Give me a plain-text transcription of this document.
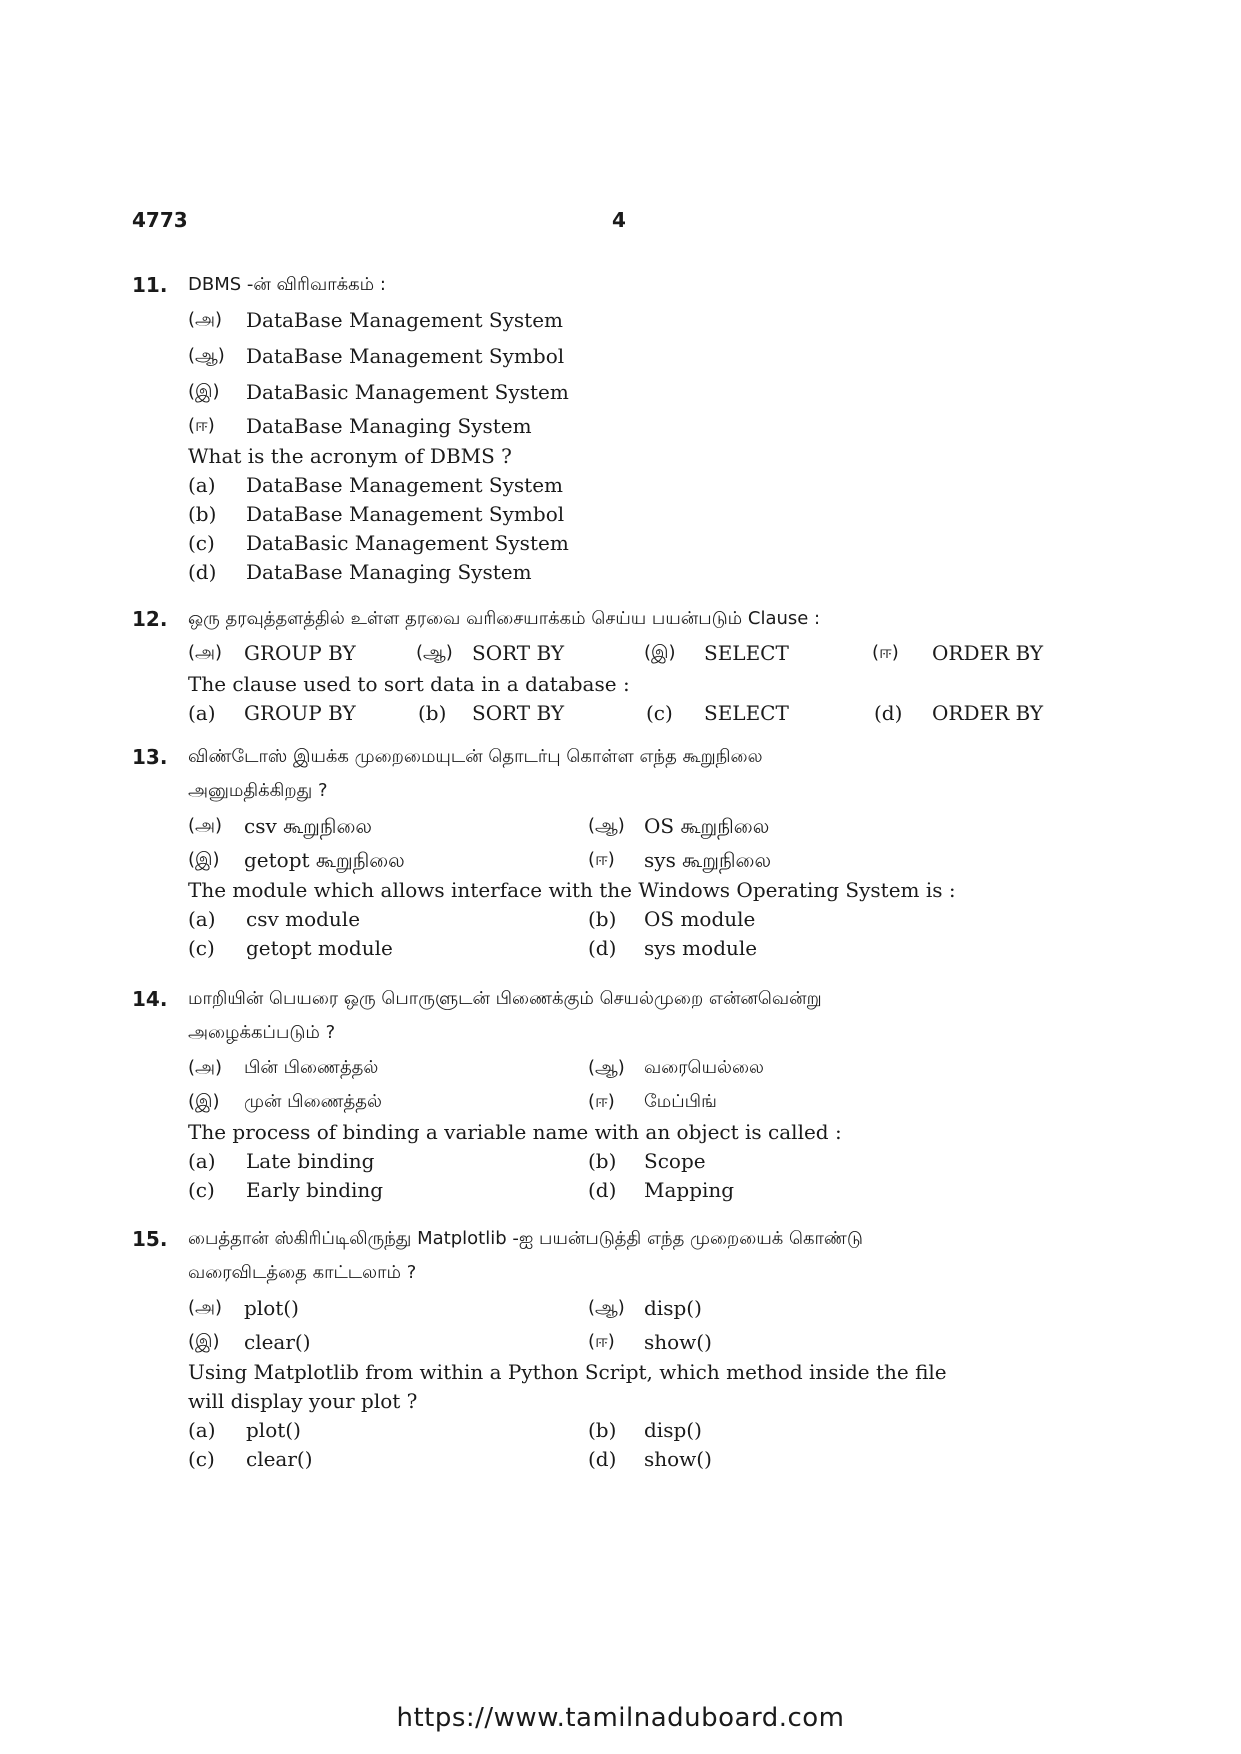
4773	4
11.	DBMS -ன் விரிவாக்கம் :
(அ) DataBase Management System
(ஆ) DataBase Management Symbol
(இ) DataBasic Management System
(ஈ) DataBase Managing System
What is the acronym of DBMS ?
(a) DataBase Management System
(b) DataBase Management Symbol
(c) DataBasic Management System
(d) DataBase Managing System
12.	ஒரு தரவுத்தளத்தில் உள்ள தரவை வரிசையாக்கம் செய்ய பயன்படும் Clause :
(அ) GROUP BY	(ஆ) SORT BY	(இ) SELECT	(ஈ) ORDER BY
The clause used to sort data in a database :
(a) GROUP BY	(b) SORT BY	(c) SELECT	(d) ORDER BY
13.	விண்டோஸ் இயக்க முறைமையுடன் தொடர்பு கொள்ள எந்த கூறுநிலை
அனுமதிக்கிறது ?
(அ) csv கூறுநிலை	(ஆ) OS கூறுநிலை
(இ) getopt கூறுநிலை	(ஈ) sys கூறுநிலை
The module which allows interface with the Windows Operating System is :
(a) csv module	(b) OS module
(c) getopt module	(d) sys module
14.	மாறியின் பெயரை ஒரு பொருளுடன் பிணைக்கும் செயல்முறை என்னவென்று
அழைக்கப்படும் ?
(அ) பின் பிணைத்தல்	(ஆ) வரையெல்லை
(இ) முன் பிணைத்தல்	(ஈ) மேப்பிங்
The process of binding a variable name with an object is called :
(a) Late binding	(b) Scope
(c) Early binding	(d) Mapping
15.	பைத்தான் ஸ்கிரிப்டிலிருந்து Matplotlib -ஐ பயன்படுத்தி எந்த முறையைக் கொண்டு
வரைவிடத்தை காட்டலாம் ?
(அ) plot()	(ஆ) disp()
(இ) clear()	(ஈ) show()
Using Matplotlib from within a Python Script, which method inside the file
will display your plot ?
(a) plot()	(b) disp()
(c) clear()	(d) show()
https://www.tamilnaduboard.com
